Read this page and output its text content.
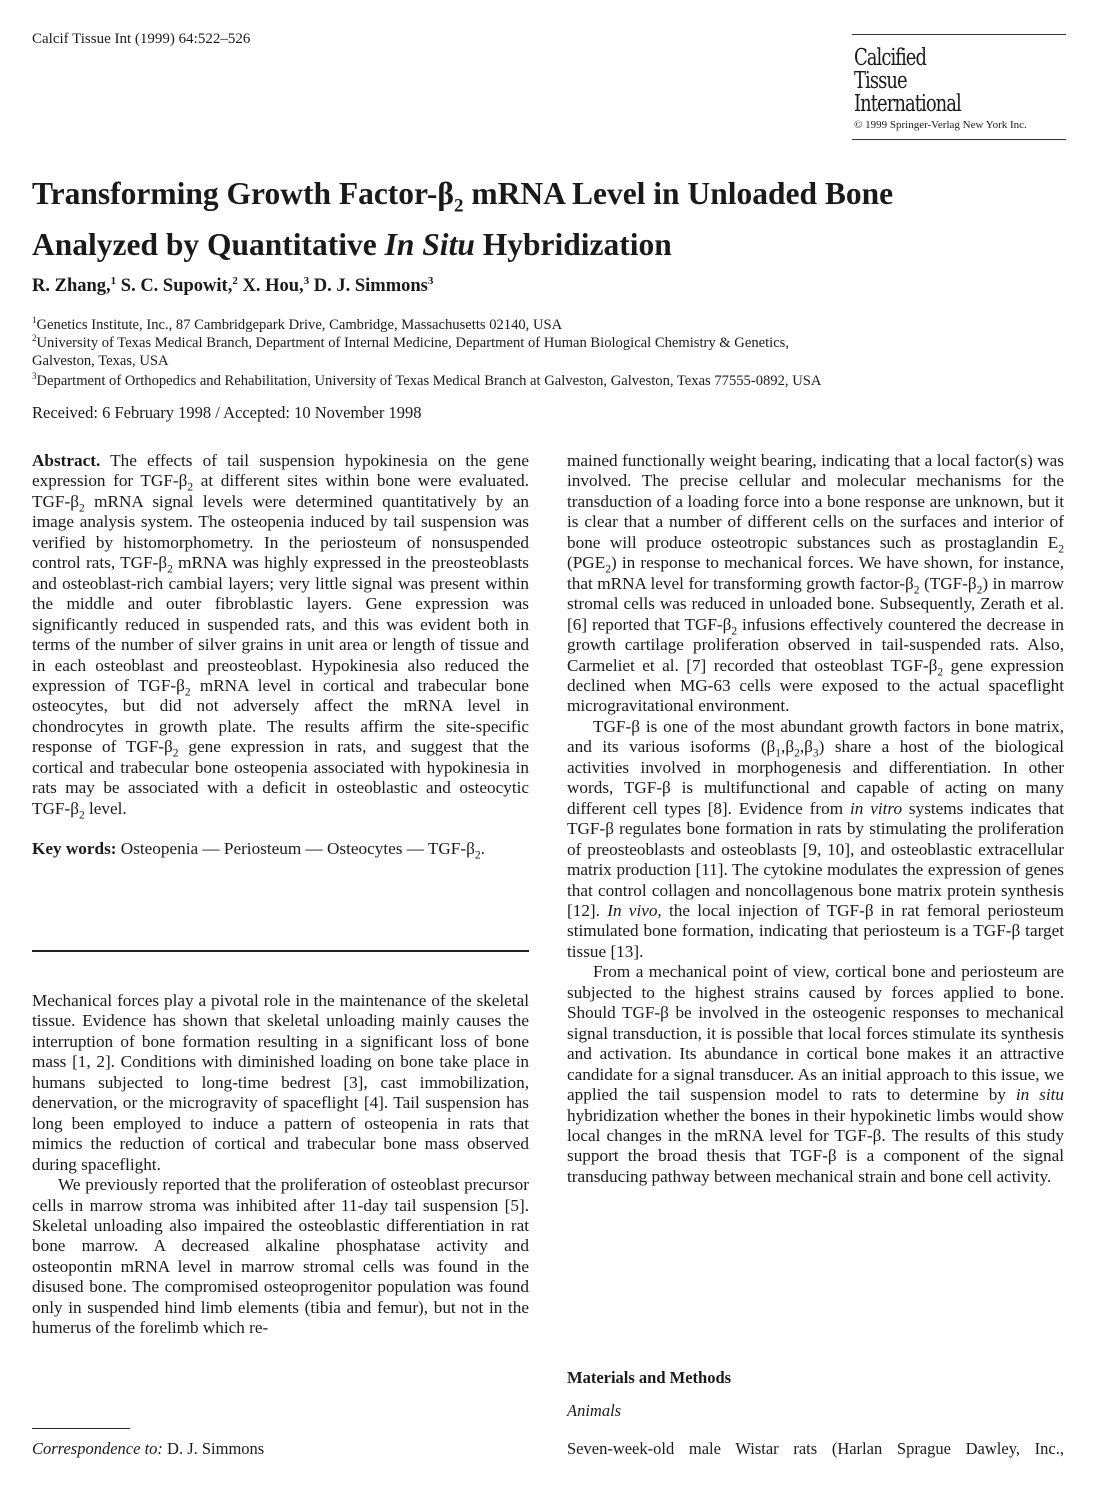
Calcif Tissue Int (1999) 64:522–526
Calcified
Tissue
International
© 1999 Springer-Verlag New York Inc.
Transforming Growth Factor-$\beta_2$ mRNA Level in Unloaded Bone
Analyzed by Quantitative In Situ Hybridization
R. Zhang,$^1$ S. C. Supowit,$^2$ X. Hou,$^3$ D. J. Simmons$^3$
$^1$Genetics Institute, Inc., 87 Cambridgepark Drive, Cambridge, Massachusetts 02140, USA
$^2$University of Texas Medical Branch, Department of Internal Medicine, Department of Human Biological Chemistry & Genetics,
Galveston, Texas, USA
$^3$Department of Orthopedics and Rehabilitation, University of Texas Medical Branch at Galveston, Galveston, Texas 77555-0892, USA
Received: 6 February 1998 / Accepted: 10 November 1998

Abstract. The effects of tail suspension hypokinesia on the gene expression for TGF-$\beta_2$ at different sites within bone were evaluated. TGF-$\beta_2$ mRNA signal levels were determined quantitatively by an image analysis system. The osteopenia induced by tail suspension was verified by histomorphometry. In the periosteum of nonsuspended control rats, TGF-$\beta_2$ mRNA was highly expressed in the preosteoblasts and osteoblast-rich cambial layers; very little signal was present within the middle and outer fibroblastic layers. Gene expression was significantly reduced in suspended rats, and this was evident both in terms of the number of silver grains in unit area or length of tissue and in each osteoblast and preosteoblast. Hypokinesia also reduced the expression of TGF-$\beta_2$ mRNA level in cortical and trabecular bone osteocytes, but did not adversely affect the mRNA level in chondrocytes in growth plate. The results affirm the site-specific response of TGF-$\beta_2$ gene expression in rats, and suggest that the cortical and trabecular bone osteopenia associated with hypokinesia in rats may be associated with a deficit in osteoblastic and osteocytic TGF-$\beta_2$ level.

Key words: Osteopenia — Periosteum — Osteocytes — TGF-$\beta_2$.

Mechanical forces play a pivotal role in the maintenance of the skeletal tissue. Evidence has shown that skeletal unloading mainly causes the interruption of bone formation resulting in a significant loss of bone mass [1, 2]. Conditions with diminished loading on bone take place in humans subjected to long-time bedrest [3], cast immobilization, denervation, or the microgravity of spaceflight [4]. Tail suspension has long been employed to induce a pattern of osteopenia in rats that mimics the reduction of cortical and trabecular bone mass observed during spaceflight.

We previously reported that the proliferation of osteoblast precursor cells in marrow stroma was inhibited after 11-day tail suspension [5]. Skeletal unloading also impaired the osteoblastic differentiation in rat bone marrow. A decreased alkaline phosphatase activity and osteopontin mRNA level in marrow stromal cells was found in the disused bone. The compromised osteoprogenitor population was found only in suspended hind limb elements (tibia and femur), but not in the humerus of the forelimb which re-

mained functionally weight bearing, indicating that a local factor(s) was involved. The precise cellular and molecular mechanisms for the transduction of a loading force into a bone response are unknown, but it is clear that a number of different cells on the surfaces and interior of bone will produce osteotropic substances such as prostaglandin $E_2$ $(PGE_2)$ in response to mechanical forces. We have shown, for instance, that mRNA level for transforming growth factor-$\beta_2$ $(TGF-\beta_2)$ in marrow stromal cells was reduced in unloaded bone. Subsequently, Zerath et al. [6] reported that TGF-$\beta_2$ infusions effectively countered the decrease in growth cartilage proliferation observed in tail-suspended rats. Also, Carmeliet et al. [7] recorded that osteoblast TGF-$\beta_2$ gene expression declined when MG-63 cells were exposed to the actual spaceflight microgravitational environment.

TGF-β is one of the most abundant growth factors in bone matrix, and its various isoforms $(\beta_1,\beta_2,\beta_3)$ share a host of the biological activities involved in morphogenesis and differentiation. In other words, TGF-β is multifunctional and capable of acting on many different cell types [8]. Evidence from in vitro systems indicates that TGF-β regulates bone formation in rats by stimulating the proliferation of preosteoblasts and osteoblasts [9, 10], and osteoblastic extracellular matrix production [11]. The cytokine modulates the expression of genes that control collagen and noncollagenous bone matrix protein synthesis [12]. In vivo, the local injection of TGF-β in rat femoral periosteum stimulated bone formation, indicating that periosteum is a TGF-β target tissue [13].

From a mechanical point of view, cortical bone and periosteum are subjected to the highest strains caused by forces applied to bone. Should TGF-β be involved in the osteogenic responses to mechanical signal transduction, it is possible that local forces stimulate its synthesis and activation. Its abundance in cortical bone makes it an attractive candidate for a signal transducer. As an initial approach to this issue, we applied the tail suspension model to rats to determine by in situ hybridization whether the bones in their hypokinetic limbs would show local changes in the mRNA level for TGF-β. The results of this study support the broad thesis that TGF-β is a component of the signal transducing pathway between mechanical strain and bone cell activity.

Materials and Methods
Animals
Seven-week-old male Wistar rats (Harlan Sprague Dawley, Inc.,
Correspondence to: D. J. Simmons
